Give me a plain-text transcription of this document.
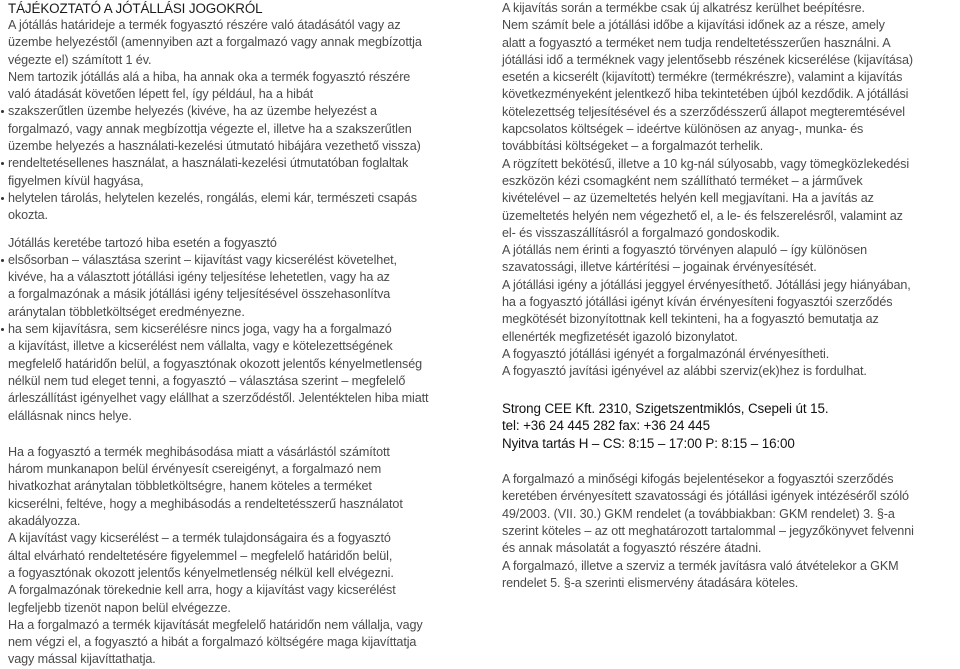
TÁJÉKOZTATÓ A JÓTÁLLÁSI JOGOKRÓL
A jótállás határideje a termék fogyasztó részére való átadásától vagy az
üzembe helyezéstől (amennyiben azt a forgalmazó vagy annak megbízottja
végezte el) számított 1 év.
Nem tartozik jótállás alá a hiba, ha annak oka a termék fogyasztó részére
való átadását követően lépett fel, így például, ha a hibát
szakszerűtlen üzembe helyezés (kivéve, ha az üzembe helyezést a
forgalmazó, vagy annak megbízottja végezte el, illetve ha a szakszerűtlen
üzembe helyezés a használati-kezelési útmutató hibájára vezethető vissza)
rendeltetésellenes használat, a használati-kezelési útmutatóban foglaltak
figyelmen kívül hagyása,
helytelen tárolás, helytelen kezelés, rongálás, elemi kár, természeti csapás
okozta.
Jótállás keretébe tartozó hiba esetén a fogyasztó
elsősorban – választása szerint – kijavítást vagy kicserélést követelhet,
kivéve, ha a választott jótállási igény teljesítése lehetetlen, vagy ha az
a forgalmazónak a másik jótállási igény teljesítésével összehasonlítva
aránytalan többletköltséget eredményezne.
ha sem kijavításra, sem kicserélésre nincs joga, vagy ha a forgalmazó
a kijavítást, illetve a kicserélést nem vállalta, vagy e kötelezettségének
megfelelő határidőn belül, a fogyasztónak okozott jelentős kényelmetlenség
nélkül nem tud eleget tenni, a fogyasztó – választása szerint – megfelelő
árleszállítást igényelhet vagy elállhat a szerződéstől. Jelentéktelen hiba miatt
elállásnak nincs helye.
Ha a fogyasztó a termék meghibásodása miatt a vásárlástól számított
három munkanapon belül érvényesít csereigényt, a forgalmazó nem
hivatkozhat aránytalan többletköltségre, hanem köteles a terméket
kicserélni, feltéve, hogy a meghibásodás a rendeltetésszerű használatot
akadályozza.
A kijavítást vagy kicserélést – a termék tulajdonságaira és a fogyasztó
által elvárható rendeltetésére figyelemmel – megfelelő határidőn belül,
a fogyasztónak okozott jelentős kényelmetlenség nélkül kell elvégezni.
A forgalmazónak törekednie kell arra, hogy a kijavítást vagy kicserélést
legfeljebb tizenöt napon belül elvégezze.
Ha a forgalmazó a termék kijavítását megfelelő határidőn nem vállalja, vagy
nem végzi el, a fogyasztó a hibát a forgalmazó költségére maga kijavíttatja
vagy mással kijavíttathatja.
A kijavítás során a termékbe csak új alkatrész kerülhet beépítésre.
Nem számít bele a jótállási időbe a kijavítási időnek az a része, amely
alatt a fogyasztó a terméket nem tudja rendeltetésszerűen használni. A
jótállási idő a terméknek vagy jelentősebb részének kicserélése (kijavítása)
esetén a kicserélt (kijavított) termékre (termékrészre), valamint a kijavítás
következményeként jelentkező hiba tekintetében újból kezdődik. A jótállási
kötelezettség teljesítésével és a szerződésszerű állapot megteremtésével
kapcsolatos költségek – ideértve különösen az anyag-, munka- és
továbbítási költségeket – a forgalmazót terhelik.
A rögzített bekötésű, illetve a 10 kg-nál súlyosabb, vagy tömegközlekedési
eszközön kézi csomagként nem szállítható terméket – a járművek
kivételével – az üzemeltetés helyén kell megjavítani. Ha a javítás az
üzemeltetés helyén nem végezhető el, a le- és felszerelésről, valamint az
el- és visszaszállításról a forgalmazó gondoskodik.
A jótállás nem érinti a fogyasztó törvényen alapuló – így különösen
szavatossági, illetve kártérítési – jogainak érvényesítését.
A jótállási igény a jótállási jeggyel érvényesíthető. Jótállási jegy hiányában,
ha a fogyasztó jótállási igényt kíván érvényesíteni fogyasztói szerződés
megkötését bizonyítottnak kell tekinteni, ha a fogyasztó bemutatja az
ellenérték megfizetését igazoló bizonylatot.
A fogyasztó jótállási igényét a forgalmazónál érvényesítheti.
A fogyasztó javítási igényével az alábbi szerviz(ek)hez is fordulhat.
Strong CEE Kft. 2310, Szigetszentmiklós, Csepeli út 15.
tel: +36 24 445 282 fax: +36 24 445
Nyitva tartás H – CS: 8:15 – 17:00 P: 8:15 – 16:00
A forgalmazó a minőségi kifogás bejelentésekor a fogyasztói szerződés
keretében érvényesített szavatossági és jótállási igények intézéséről szóló
49/2003. (VII. 30.) GKM rendelet (a továbbiakban: GKM rendelet) 3. §-a
szerint köteles – az ott meghatározott tartalommal – jegyzőkönyvet felvenni
és annak másolatát a fogyasztó részére átadni.
A forgalmazó, illetve a szerviz a termék javításra való átvételekor a GKM
rendelet 5. §-a szerinti elismervény átadására köteles.
